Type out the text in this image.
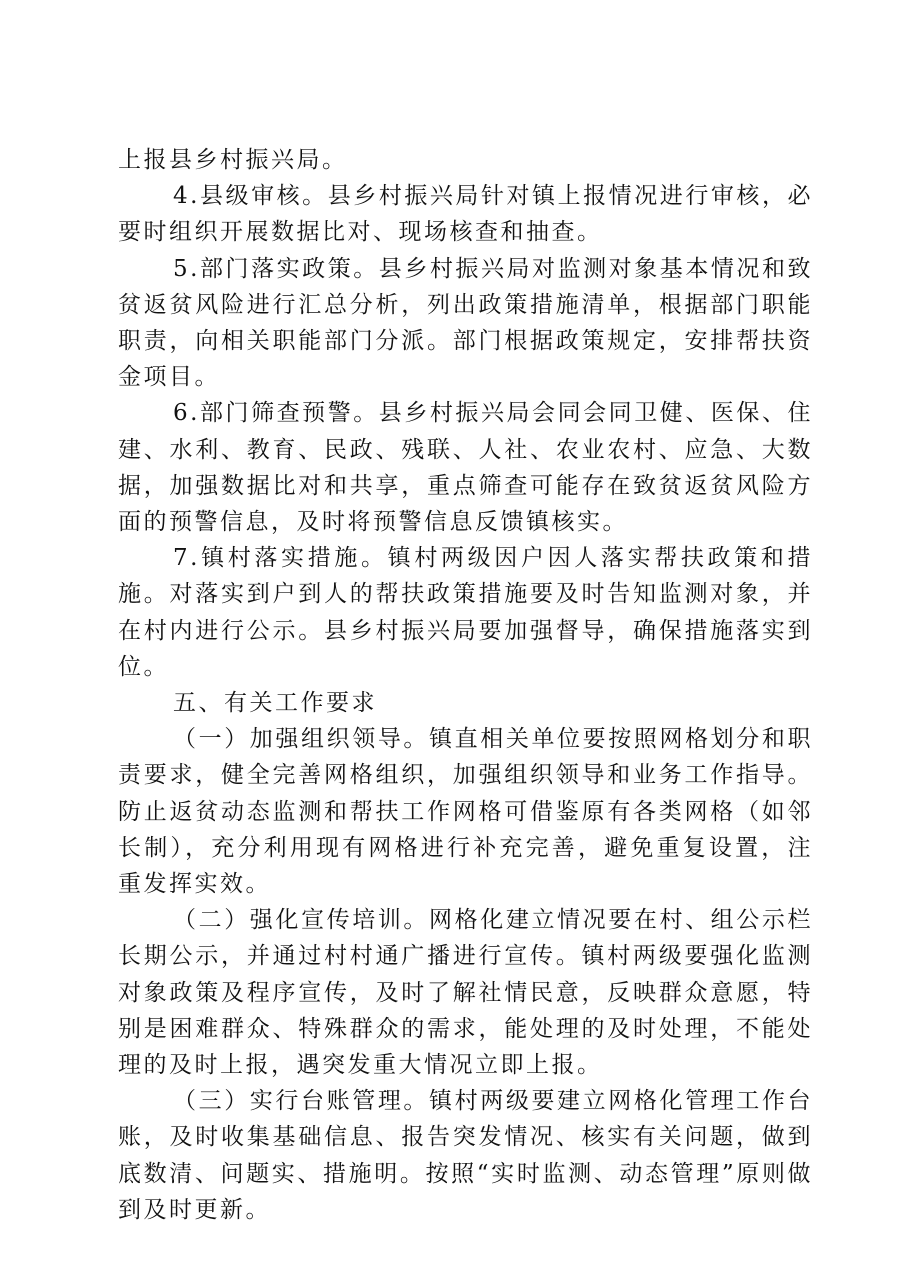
上报县乡村振兴局。

4.县级审核。县乡村振兴局针对镇上报情况进行审核，必要时组织开展数据比对、现场核查和抽查。

5.部门落实政策。县乡村振兴局对监测对象基本情况和致贫返贫风险进行汇总分析，列出政策措施清单，根据部门职能职责，向相关职能部门分派。部门根据政策规定，安排帮扶资金项目。

6.部门筛查预警。县乡村振兴局会同会同卫健、医保、住建、水利、教育、民政、残联、人社、农业农村、应急、大数据，加强数据比对和共享，重点筛查可能存在致贫返贫风险方面的预警信息，及时将预警信息反馈镇核实。

7.镇村落实措施。镇村两级因户因人落实帮扶政策和措施。对落实到户到人的帮扶政策措施要及时告知监测对象，并在村内进行公示。县乡村振兴局要加强督导，确保措施落实到位。

五、有关工作要求

（一）加强组织领导。镇直相关单位要按照网格划分和职责要求，健全完善网格组织，加强组织领导和业务工作指导。防止返贫动态监测和帮扶工作网格可借鉴原有各类网格（如邻长制），充分利用现有网格进行补充完善，避免重复设置，注重发挥实效。

（二）强化宣传培训。网格化建立情况要在村、组公示栏长期公示，并通过村村通广播进行宣传。镇村两级要强化监测对象政策及程序宣传，及时了解社情民意，反映群众意愿，特别是困难群众、特殊群众的需求，能处理的及时处理，不能处理的及时上报，遇突发重大情况立即上报。

（三）实行台账管理。镇村两级要建立网格化管理工作台账，及时收集基础信息、报告突发情况、核实有关问题，做到底数清、问题实、措施明。按照“实时监测、动态管理”原则做到及时更新。
